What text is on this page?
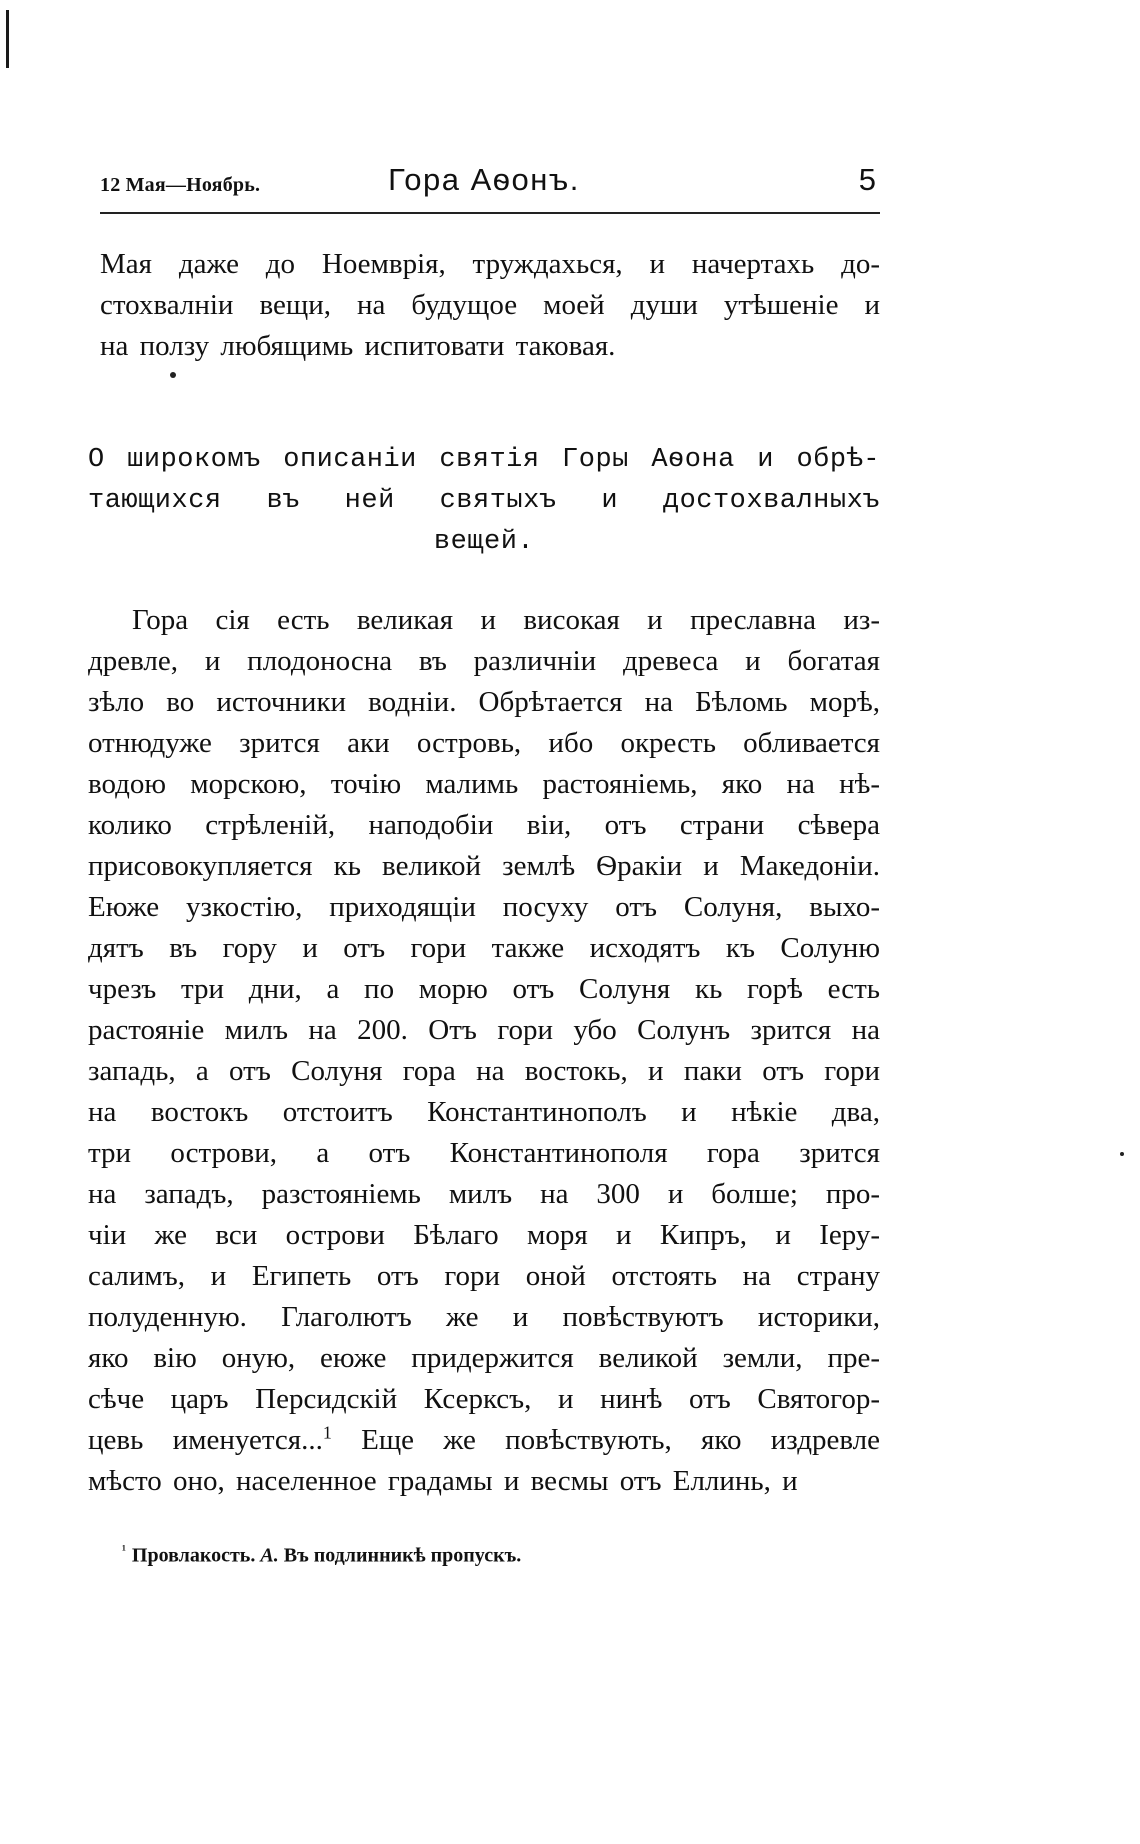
12 Мая—Ноябрь.	Гора Аѳонъ.	5

Мая даже до Ноемврія, труждахься, и начертахь до-
стохвалніи вещи, на будущое моей души утѣшеніе и
на ползу любящимь испитовати таковая.

О широкомъ описаніи святія Горы Аѳона и обрѣ-
тающихся въ ней святыхъ и достохвалныхъ
вещей.

Гора сія есть великая и високая и преславна из-
древле, и плодоносна въ различніи древеса и богатая
зѣло во источники водніи. Обрѣтается на Бѣломь морѣ,
отнюдуже зрится аки островь, ибо окресть обливается
водою морскою, точію малимь растояніемь, яко на нѣ-
колико стрѣленій, наподобіи віи, отъ страни сѣвера
присовокупляется кь великой землѣ Ѳракіи и Македоніи.
Еюже узкостію, приходящіи посуху отъ Солуня, выхо-
дятъ въ гору и отъ гори также исходятъ къ Солуню
чрезъ три дни, а по морю отъ Солуня кь горѣ есть
растояніе милъ на 200. Отъ гори убо Солунъ зрится на
западь, а отъ Солуня гора на востокь, и паки отъ гори
на востокъ отстоитъ Константинополъ и нѣкіе два,
три острови, а отъ Константинополя гора зрится
на западъ, разстояніемь милъ на 300 и болше; про-
чіи же вси острови Бѣлаго моря и Кипръ, и Іеру-
салимъ, и Египеть отъ гори оной отстоять на страну
полуденную. Глаголютъ же и повѣствуютъ историки,
яко вію оную, еюже придержится великой земли, пре-
сѣче царъ Персидскій Ксерксъ, и нинѣ отъ Святогор-
цевь именуется...$^1$ Еще же повѣствують, яко издревле
мѣсто оно, населенное градамы и весмы отъ Еллинь, и

$^{^1}$ Провлакость. А. Въ подлинникѣ пропускъ.
